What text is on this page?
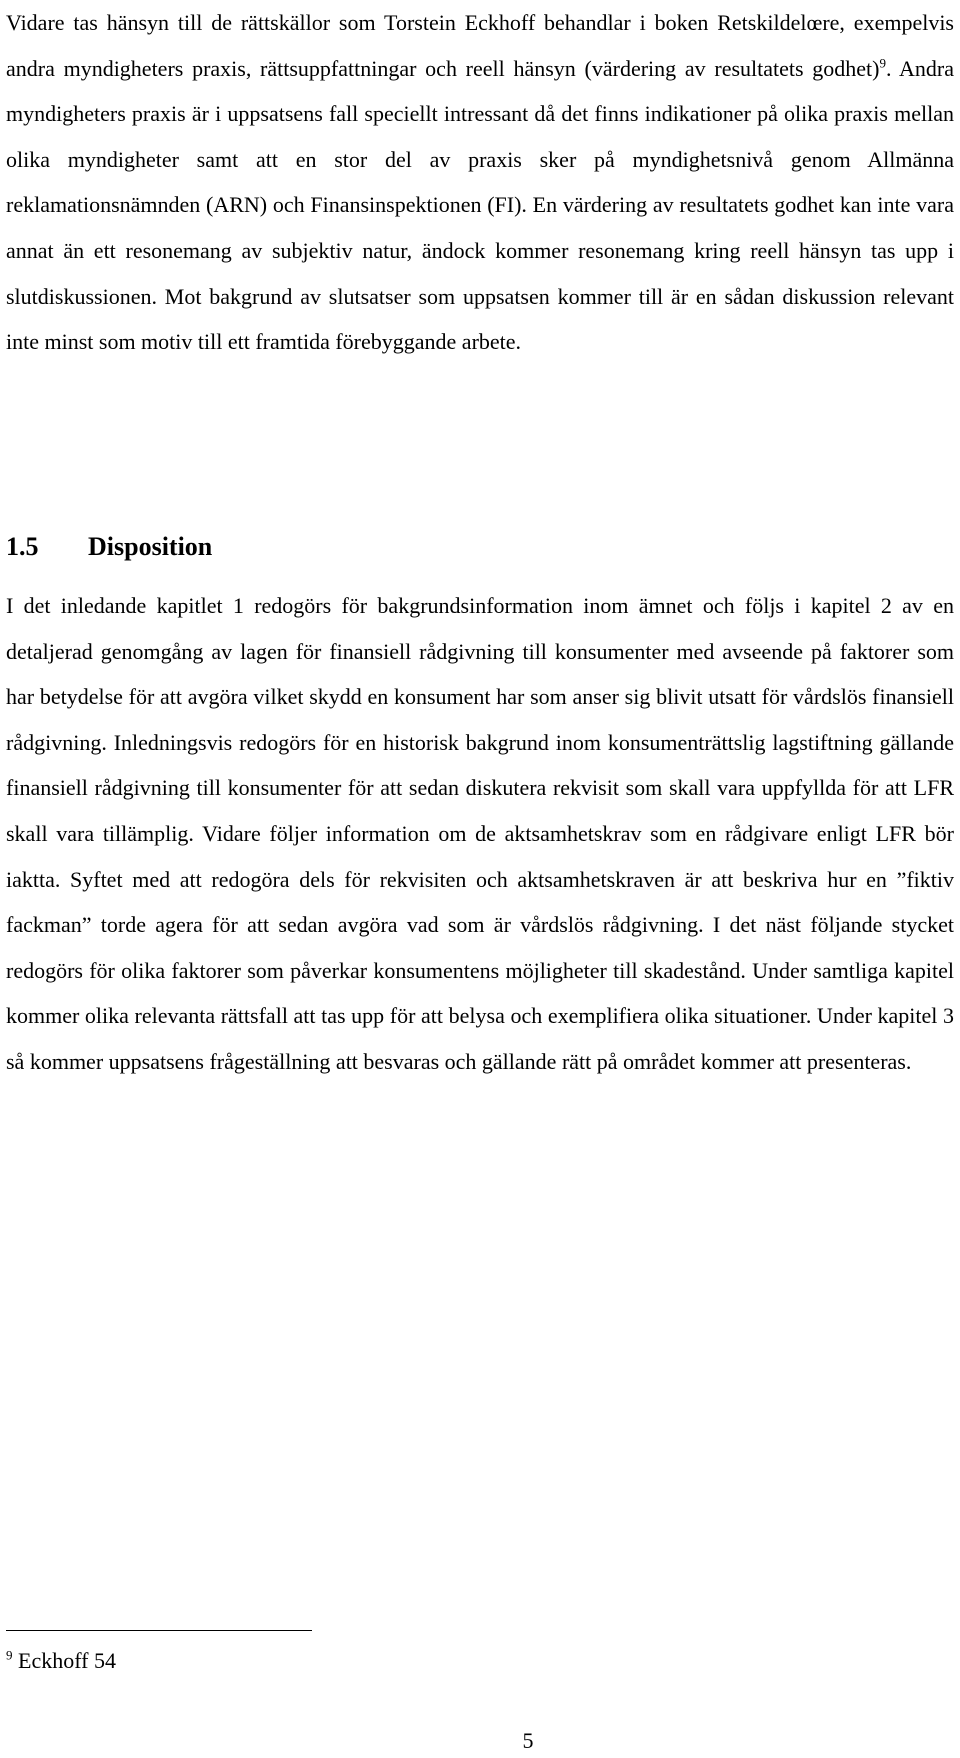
Vidare tas hänsyn till de rättskällor som Torstein Eckhoff behandlar i boken Retskildelœre, exempelvis andra myndigheters praxis, rättsuppfattningar och reell hänsyn (värdering av resultatets godhet)$^9$. Andra myndigheters praxis är i uppsatsens fall speciellt intressant då det finns indikationer på olika praxis mellan olika myndigheter samt att en stor del av praxis sker på myndighetsnivå genom Allmänna reklamationsnämnden (ARN) och Finansinspektionen (FI). En värdering av resultatets godhet kan inte vara annat än ett resonemang av subjektiv natur, ändock kommer resonemang kring reell hänsyn tas upp i slutdiskussionen. Mot bakgrund av slutsatser som uppsatsen kommer till är en sådan diskussion relevant inte minst som motiv till ett framtida förebyggande arbete.

1.5 Disposition

I det inledande kapitlet 1 redogörs för bakgrundsinformation inom ämnet och följs i kapitel 2 av en detaljerad genomgång av lagen för finansiell rådgivning till konsumenter med avseende på faktorer som har betydelse för att avgöra vilket skydd en konsument har som anser sig blivit utsatt för vårdslös finansiell rådgivning. Inledningsvis redogörs för en historisk bakgrund inom konsumenträttslig lagstiftning gällande finansiell rådgivning till konsumenter för att sedan diskutera rekvisit som skall vara uppfyllda för att LFR skall vara tillämplig. Vidare följer information om de aktsamhetskrav som en rådgivare enligt LFR bör iaktta. Syftet med att redogöra dels för rekvisiten och aktsamhetskraven är att beskriva hur en ”fiktiv fackman” torde agera för att sedan avgöra vad som är vårdslös rådgivning. I det näst följande stycket redogörs för olika faktorer som påverkar konsumentens möjligheter till skadestånd. Under samtliga kapitel kommer olika relevanta rättsfall att tas upp för att belysa och exemplifiera olika situationer. Under kapitel 3 så kommer uppsatsens frågeställning att besvaras och gällande rätt på området kommer att presenteras.

$^9$ Eckhoff 54

5
